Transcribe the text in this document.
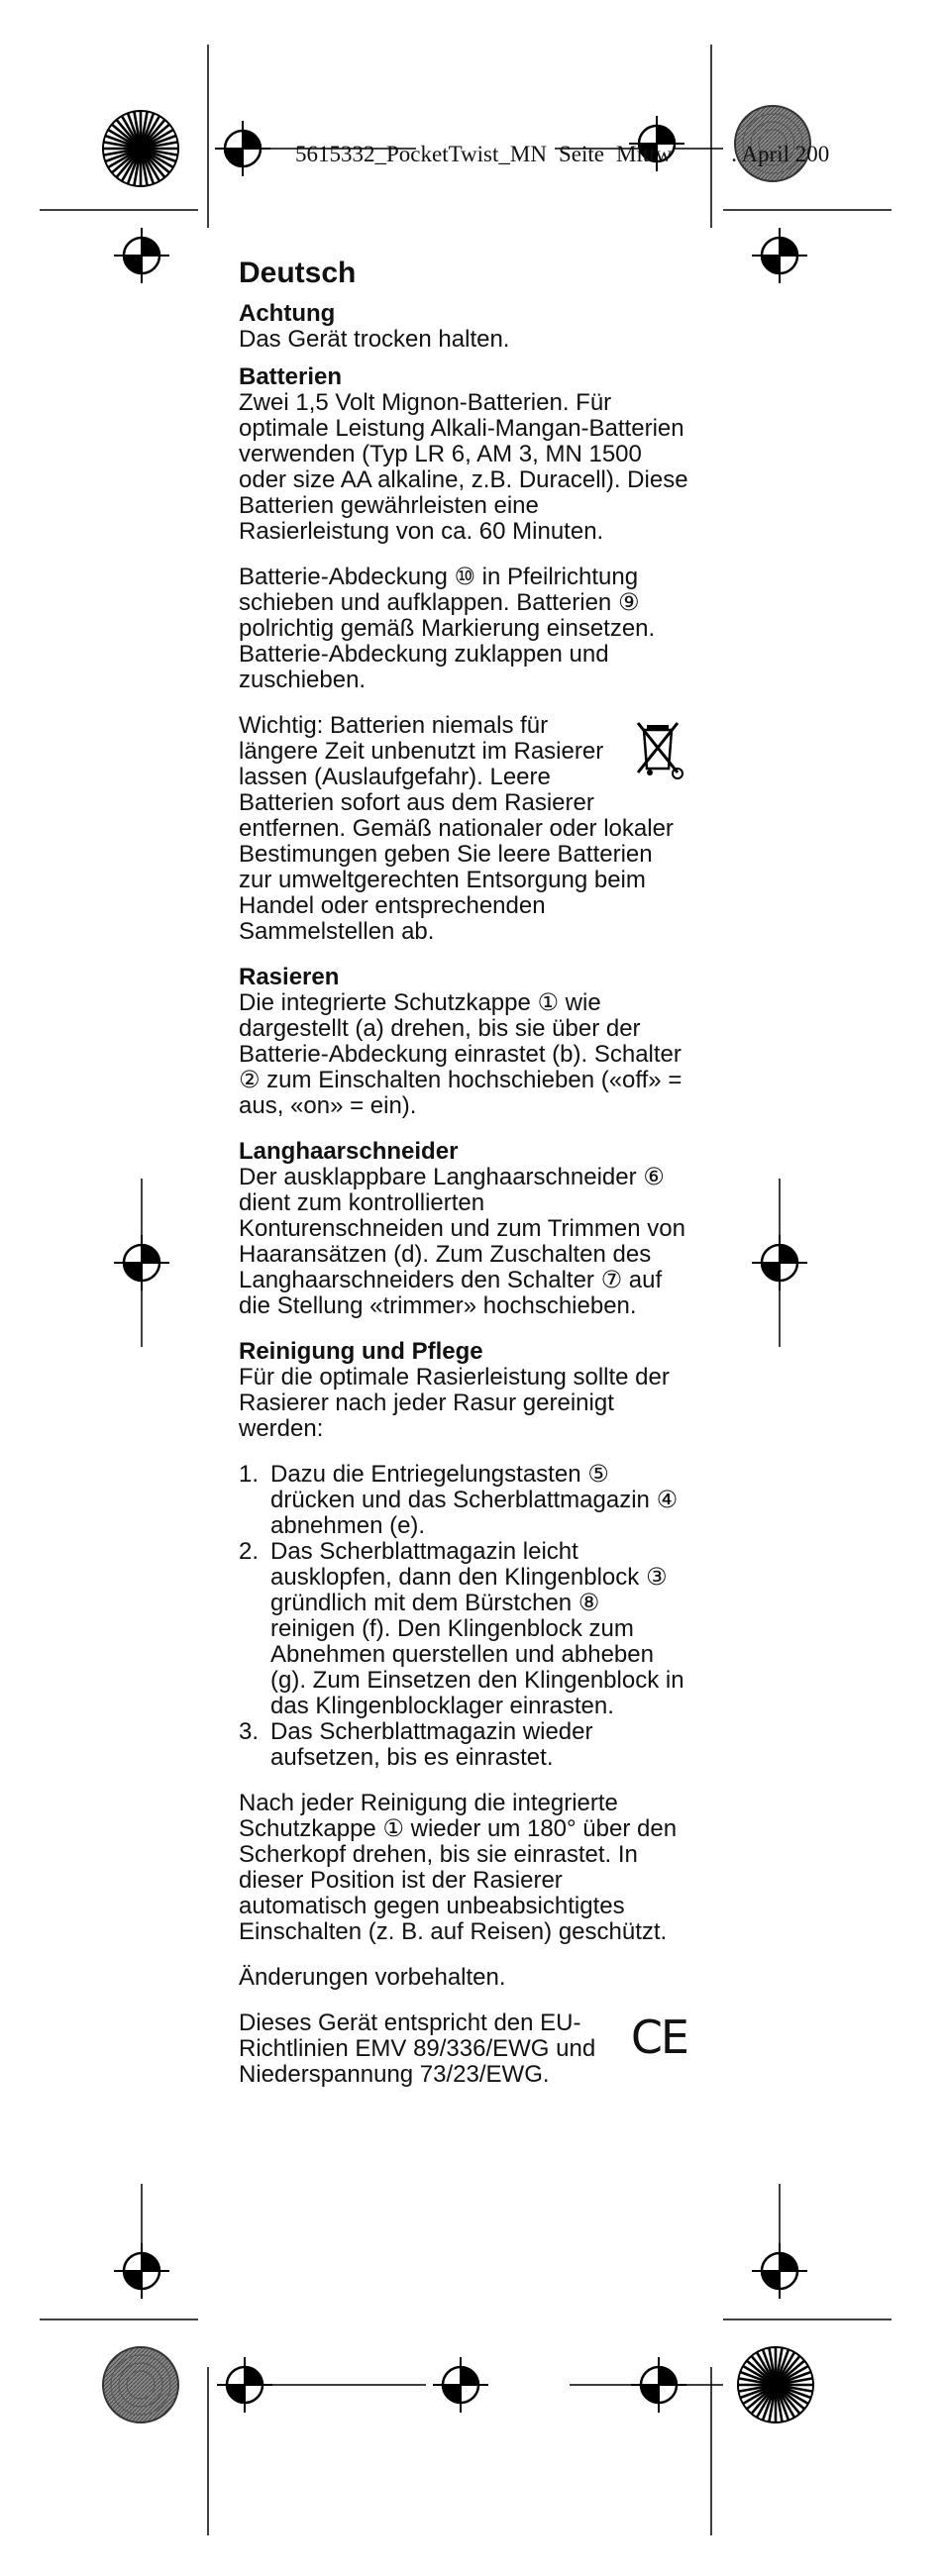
5615332_PocketTwist_MN Seite Mittw	. April 200
Deutsch
Achtung

Das Gerät trocken halten.

Batterien

Zwei 1,5 Volt Mignon-Batterien. Für optimale Leistung Alkali-Mangan-Batterien verwenden (Typ LR 6, AM 3, MN 1500 oder size AA alkaline, z.B. Duracell). Diese Batterien gewährleisten eine Rasierleistung von ca. 60 Minuten.

Batterie-Abdeckung ⑩ in Pfeilrichtung schieben und aufklappen. Batterien ⑨ polrichtig gemäß Markierung einsetzen. Batterie-Abdeckung zuklappen und zuschieben.

Wichtig: Batterien niemals für längere Zeit unbenutzt im Rasierer lassen (Auslaufgefahr). Leere Batterien sofort aus dem Rasierer entfernen. Gemäß nationaler oder lokaler Bestimungen geben Sie leere Batterien zur umweltgerechten Entsorgung beim Handel oder entsprechenden Sammelstellen ab.

Rasieren

Die integrierte Schutzkappe ① wie dargestellt (a) drehen, bis sie über der Batterie-Abdeckung einrastet (b). Schalter ② zum Einschalten hochschieben («off» = aus, «on» = ein).

Langhaarschneider

Der ausklappbare Langhaarschneider ⑥ dient zum kontrollierten Konturenschneiden und zum Trimmen von Haaransätzen (d). Zum Zuschalten des Langhaarschneiders den Schalter ⑦ auf die Stellung «trimmer» hochschieben.

Reinigung und Pflege

Für die optimale Rasierleistung sollte der Rasierer nach jeder Rasur gereinigt werden:

1. Dazu die Entriegelungstasten ⑤ drücken und das Scherblattmagazin ④ abnehmen (e).
2. Das Scherblattmagazin leicht ausklopfen, dann den Klingenblock ③ gründlich mit dem Bürstchen ⑧ reinigen (f). Den Klingenblock zum Abnehmen querstellen und abheben (g). Zum Einsetzen den Klingenblock in das Klingenblocklager einrasten.
3. Das Scherblattmagazin wieder aufsetzen, bis es einrastet.

Nach jeder Reinigung die integrierte Schutzkappe ① wieder um 180° über den Scherkopf drehen, bis sie einrastet. In dieser Position ist der Rasierer automatisch gegen unbeabsichtigtes Einschalten (z. B. auf Reisen) geschützt.

Änderungen vorbehalten.

CE

Dieses Gerät entspricht den EU-Richtlinien EMV 89/336/EWG und Niederspannung 73/23/EWG.
